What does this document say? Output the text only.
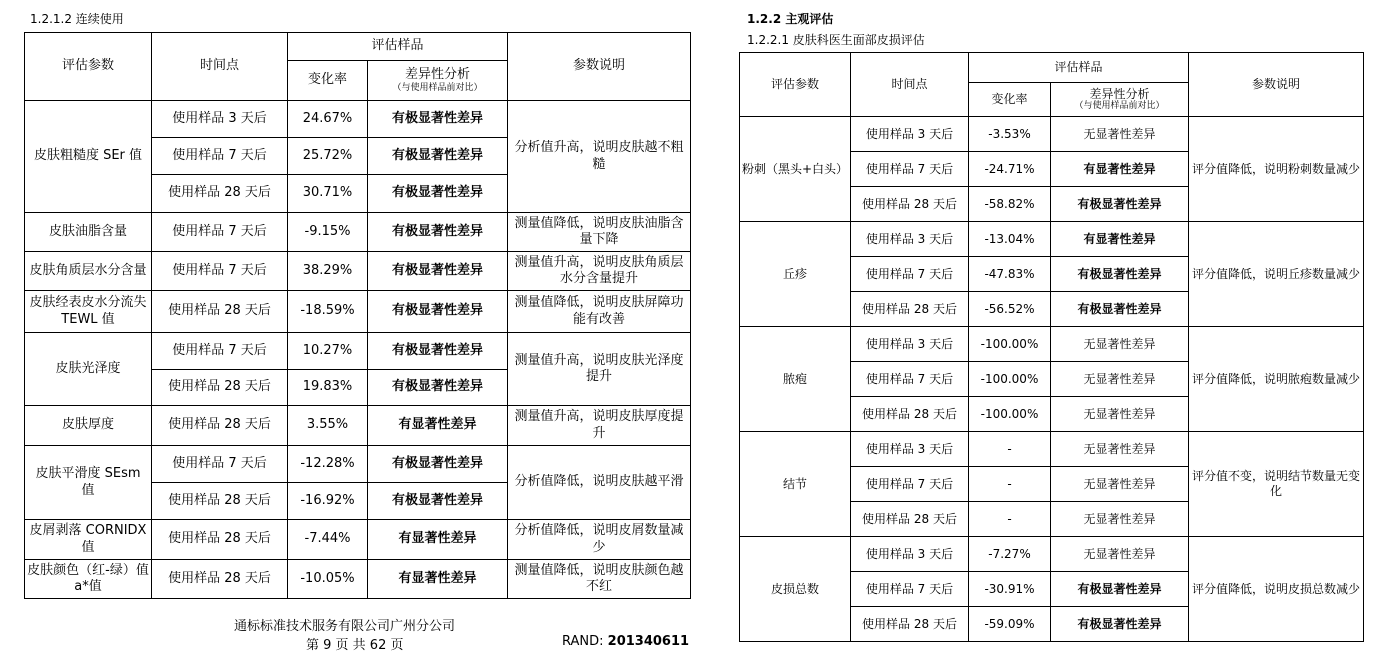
1.2.1.2 连续使用
评估参数	时间点	评估样品		参数说明
		变化率	差异性分析
（与使用样品前对比）	

皮肤粗糙度 SEr 值	使用样品 3 天后	24.67%	有极显著性差异	分析值升高，说明皮肤越不粗糙
	使用样品 7 天后	25.72%	有极显著性差异	
	使用样品 28 天后	30.71%	有极显著性差异	
皮肤油脂含量	使用样品 7 天后	-9.15%	有极显著性差异	测量值降低，说明皮肤油脂含量下降
皮肤角质层水分含量	使用样品 7 天后	38.29%	有极显著性差异	测量值升高，说明皮肤角质层水分含量提升
皮肤经表皮水分流失 TEWL 值	使用样品 28 天后	-18.59%	有极显著性差异	测量值降低，说明皮肤屏障功能有改善
皮肤光泽度	使用样品 7 天后	10.27%	有极显著性差异	测量值升高，说明皮肤光泽度提升
	使用样品 28 天后	19.83%	有极显著性差异	
皮肤厚度	使用样品 28 天后	3.55%	有显著性差异	测量值升高，说明皮肤厚度提升
皮肤平滑度 SEsm 值	使用样品 7 天后	-12.28%	有极显著性差异	分析值降低，说明皮肤越平滑
	使用样品 28 天后	-16.92%	有极显著性差异	
皮屑剥落 CORNIDX 值	使用样品 28 天后	-7.44%	有显著性差异	分析值降低，说明皮屑数量减少
皮肤颜色（红-绿）值 a*值	使用样品 28 天后	-10.05%	有显著性差异	测量值降低，说明皮肤颜色越不红
通标标准技术服务有限公司广州分公司
第 9 页 共 62 页	RAND: 201340611
1.2.2 主观评估
1.2.2.1 皮肤科医生面部皮损评估
评估参数	时间点	评估样品		参数说明
		变化率	差异性分析
（与使用样品前对比）	

粉刺（黑头+白头）	使用样品 3 天后	-3.53%	无显著性差异	评分值降低，说明粉刺数量减少
	使用样品 7 天后	-24.71%	有显著性差异	
	使用样品 28 天后	-58.82%	有极显著性差异	
丘疹	使用样品 3 天后	-13.04%	有显著性差异	评分值降低，说明丘疹数量减少
	使用样品 7 天后	-47.83%	有极显著性差异	
	使用样品 28 天后	-56.52%	有极显著性差异	
脓疱	使用样品 3 天后	-100.00%	无显著性差异	评分值降低，说明脓疱数量减少
	使用样品 7 天后	-100.00%	无显著性差异	
	使用样品 28 天后	-100.00%	无显著性差异	
结节	使用样品 3 天后	-	无显著性差异	评分值不变，说明结节数量无变化
	使用样品 7 天后	-	无显著性差异	
	使用样品 28 天后	-	无显著性差异	
皮损总数	使用样品 3 天后	-7.27%	无显著性差异	评分值降低，说明皮损总数减少
	使用样品 7 天后	-30.91%	有极显著性差异	
	使用样品 28 天后	-59.09%	有极显著性差异	
